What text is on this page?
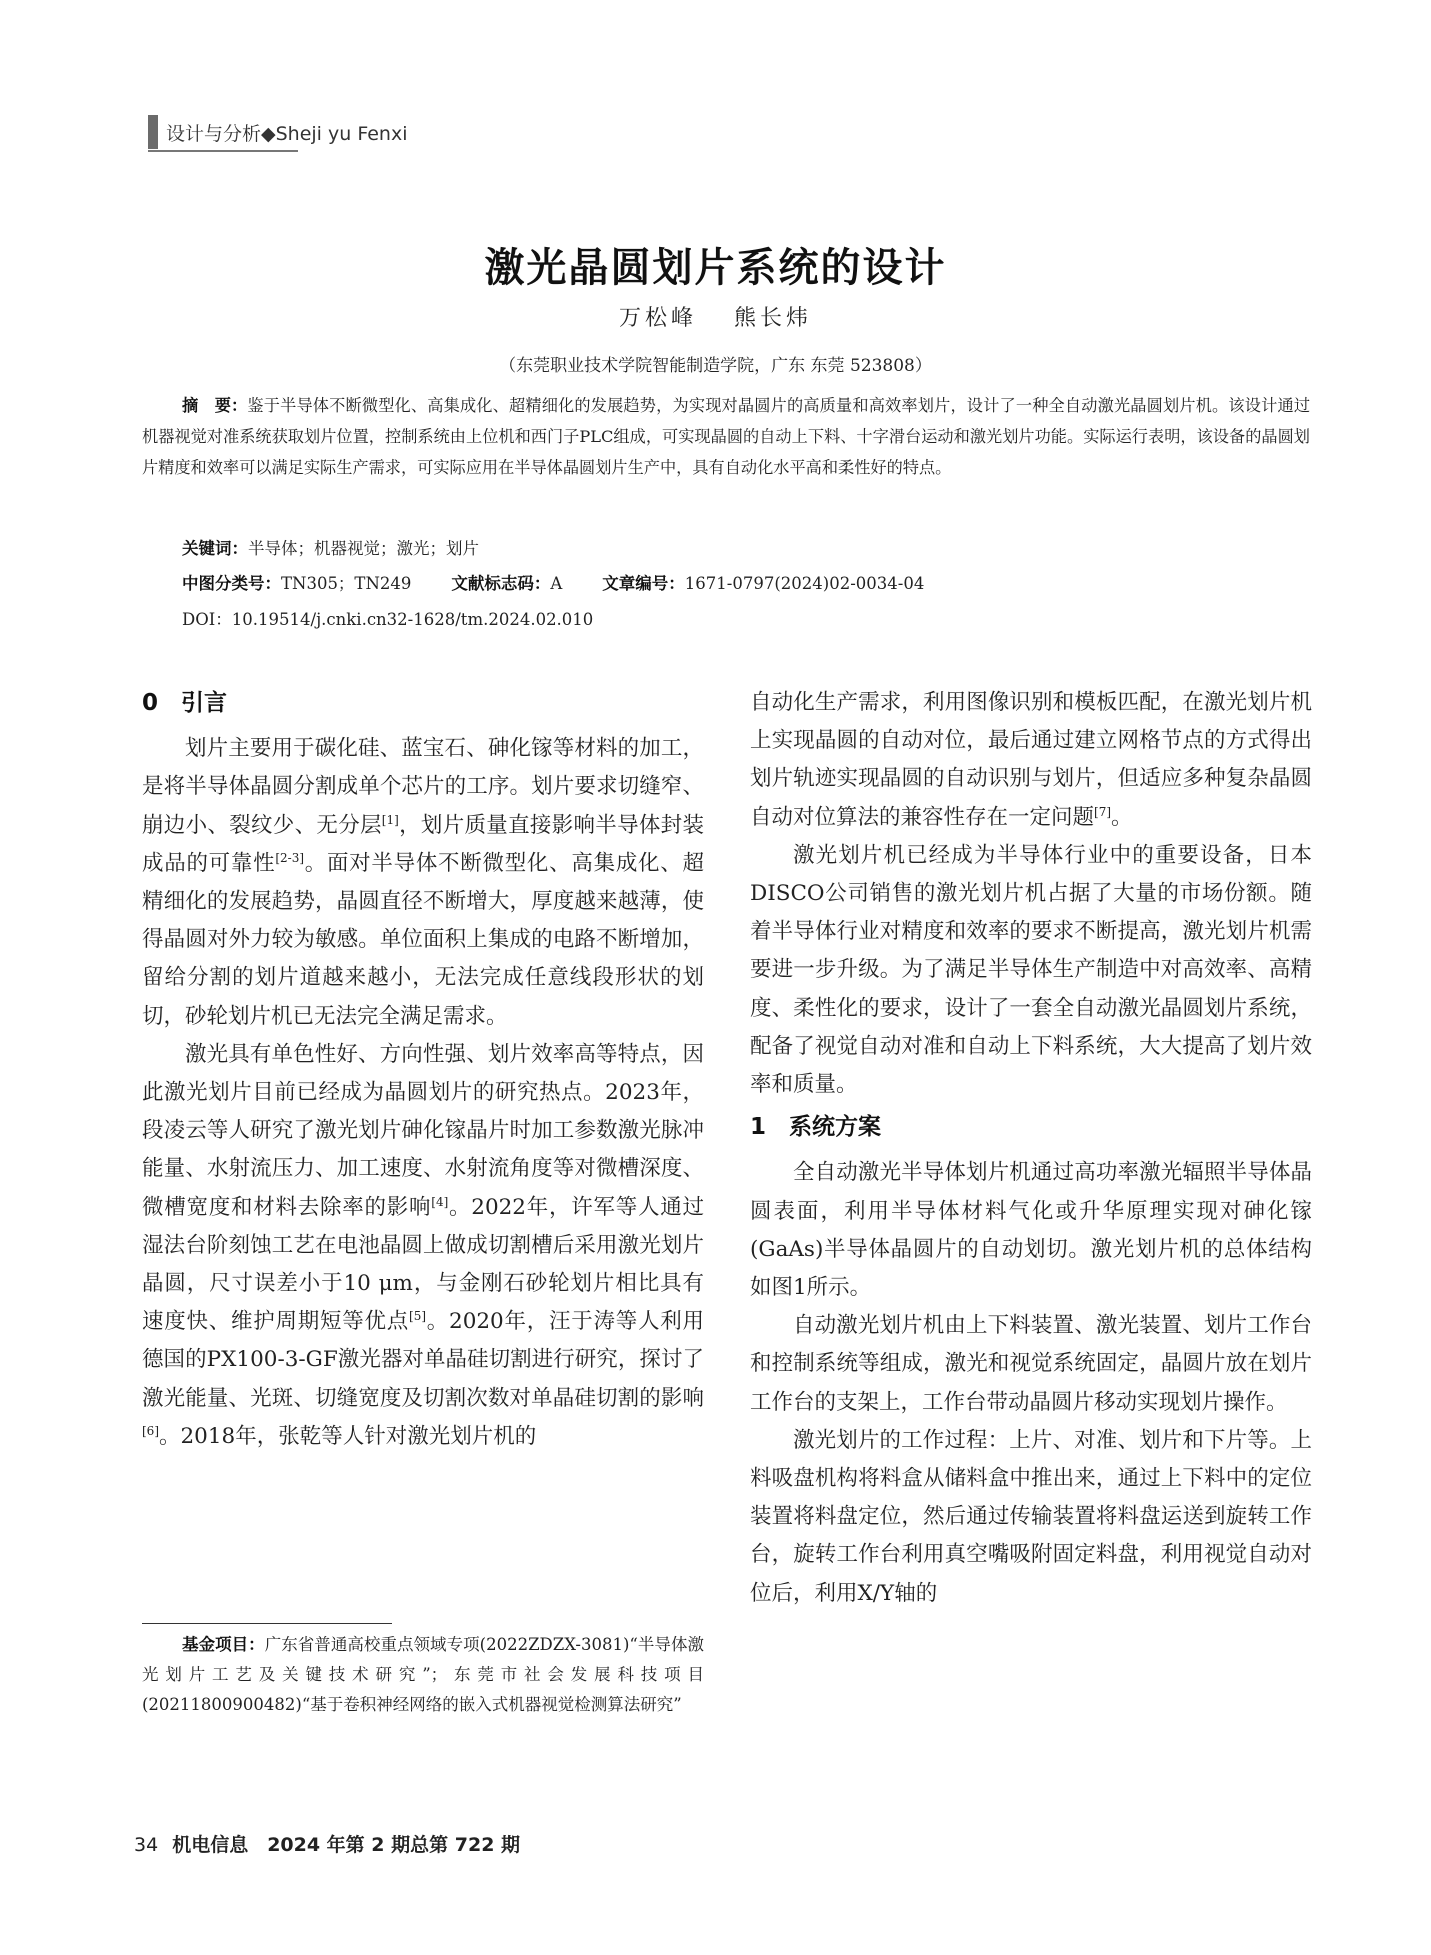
设计与分析◆Sheji yu Fenxi
激光晶圆划片系统的设计
万松峰 熊长炜
（东莞职业技术学院智能制造学院，广东 东莞 523808）
摘　要：鉴于半导体不断微型化、高集成化、超精细化的发展趋势，为实现对晶圆片的高质量和高效率划片，设计了一种全自动激光晶圆划片机。该设计通过机器视觉对准系统获取划片位置，控制系统由上位机和西门子PLC组成，可实现晶圆的自动上下料、十字滑台运动和激光划片功能。实际运行表明，该设备的晶圆划片精度和效率可以满足实际生产需求，可实际应用在半导体晶圆划片生产中，具有自动化水平高和柔性好的特点。
关键词：半导体；机器视觉；激光；划片
中图分类号：TN305；TN249 文献标志码：A 文章编号：1671-0797(2024)02-0034-04
DOI：10.19514/j.cnki.cn32-1628/tm.2024.02.010
0　引言

划片主要用于碳化硅、蓝宝石、砷化镓等材料的加工，是将半导体晶圆分割成单个芯片的工序。划片要求切缝窄、崩边小、裂纹少、无分层[1]，划片质量直接影响半导体封装成品的可靠性[2-3]。面对半导体不断微型化、高集成化、超精细化的发展趋势，晶圆直径不断增大，厚度越来越薄，使得晶圆对外力较为敏感。单位面积上集成的电路不断增加，留给分割的划片道越来越小，无法完成任意线段形状的划切，砂轮划片机已无法完全满足需求。

激光具有单色性好、方向性强、划片效率高等特点，因此激光划片目前已经成为晶圆划片的研究热点。2023年，段凌云等人研究了激光划片砷化镓晶片时加工参数激光脉冲能量、水射流压力、加工速度、水射流角度等对微槽深度、微槽宽度和材料去除率的影响[4]。2022年，许军等人通过湿法台阶刻蚀工艺在电池晶圆上做成切割槽后采用激光划片晶圆，尺寸误差小于10 μm，与金刚石砂轮划片相比具有速度快、维护周期短等优点[5]。2020年，汪于涛等人利用德国的PX100-3-GF激光器对单晶硅切割进行研究，探讨了激光能量、光斑、切缝宽度及切割次数对单晶硅切割的影响[6]。2018年，张乾等人针对激光划片机的

基金项目：广东省普通高校重点领域专项(2022ZDZX-3081)“半导体激光划片工艺及关键技术研究”；东莞市社会发展科技项目(20211800900482)“基于卷积神经网络的嵌入式机器视觉检测算法研究”

自动化生产需求，利用图像识别和模板匹配，在激光划片机上实现晶圆的自动对位，最后通过建立网格节点的方式得出划片轨迹实现晶圆的自动识别与划片，但适应多种复杂晶圆自动对位算法的兼容性存在一定问题[7]。

激光划片机已经成为半导体行业中的重要设备，日本DISCO公司销售的激光划片机占据了大量的市场份额。随着半导体行业对精度和效率的要求不断提高，激光划片机需要进一步升级。为了满足半导体生产制造中对高效率、高精度、柔性化的要求，设计了一套全自动激光晶圆划片系统，配备了视觉自动对准和自动上下料系统，大大提高了划片效率和质量。

1　系统方案

全自动激光半导体划片机通过高功率激光辐照半导体晶圆表面，利用半导体材料气化或升华原理实现对砷化镓(GaAs)半导体晶圆片的自动划切。激光划片机的总体结构如图1所示。

自动激光划片机由上下料装置、激光装置、划片工作台和控制系统等组成，激光和视觉系统固定，晶圆片放在划片工作台的支架上，工作台带动晶圆片移动实现划片操作。

激光划片的工作过程：上片、对准、划片和下片等。上料吸盘机构将料盒从储料盒中推出来，通过上下料中的定位装置将料盘定位，然后通过传输装置将料盘运送到旋转工作台，旋转工作台利用真空嘴吸附固定料盘，利用视觉自动对位后，利用X/Y轴的

34 机电信息　2024 年第 2 期总第 722 期
